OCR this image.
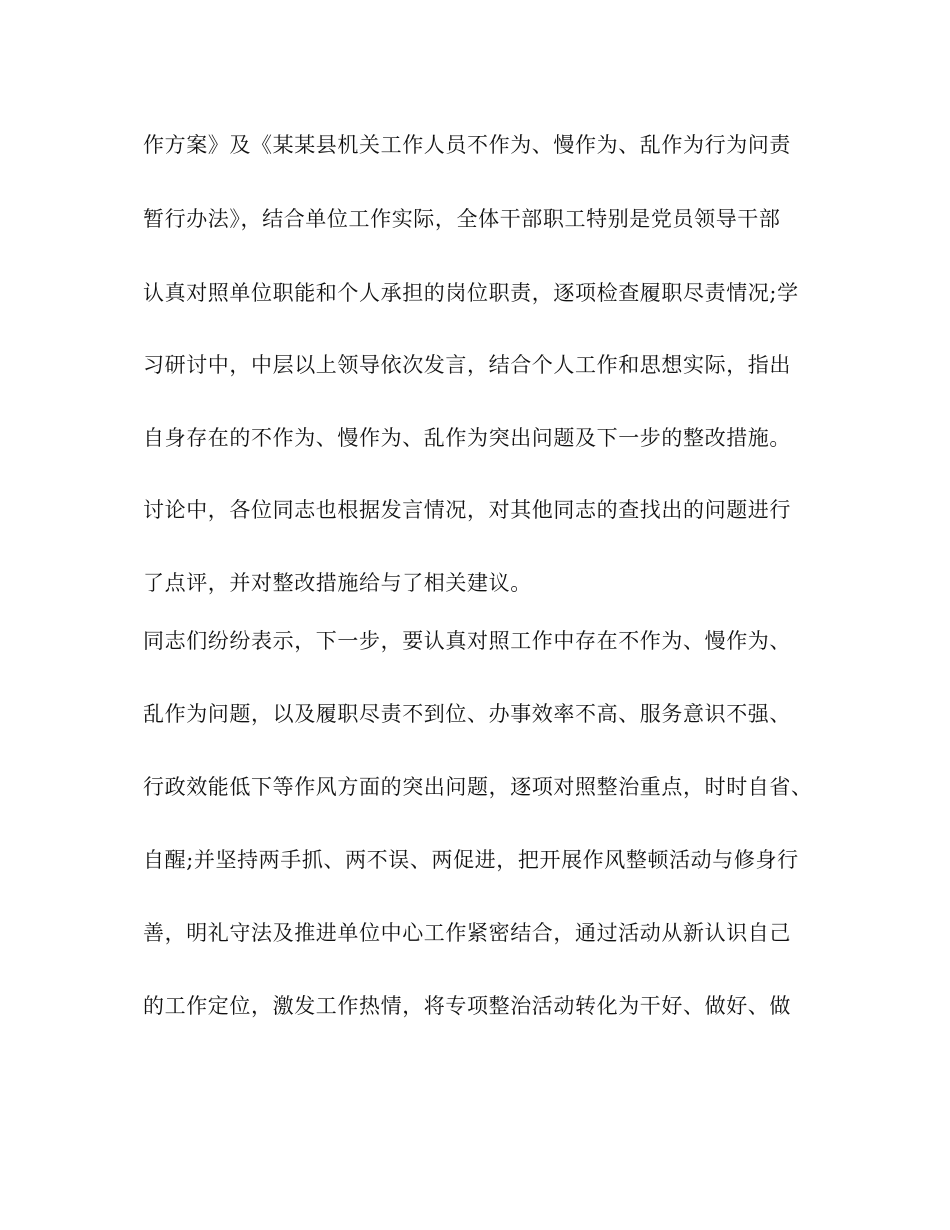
作方案》及《某某县机关工作人员不作为、慢作为、乱作为行为问责

暂行办法》，结合单位工作实际，全体干部职工特别是党员领导干部

认真对照单位职能和个人承担的岗位职责，逐项检查履职尽责情况;学

习研讨中，中层以上领导依次发言，结合个人工作和思想实际，指出

自身存在的不作为、慢作为、乱作为突出问题及下一步的整改措施。

讨论中，各位同志也根据发言情况，对其他同志的查找出的问题进行

了点评，并对整改措施给与了相关建议。

同志们纷纷表示，下一步，要认真对照工作中存在不作为、慢作为、

乱作为问题，以及履职尽责不到位、办事效率不高、服务意识不强、

行政效能低下等作风方面的突出问题，逐项对照整治重点，时时自省、

自醒;并坚持两手抓、两不误、两促进，把开展作风整顿活动与修身行

善，明礼守法及推进单位中心工作紧密结合，通过活动从新认识自己

的工作定位，激发工作热情，将专项整治活动转化为干好、做好、做
